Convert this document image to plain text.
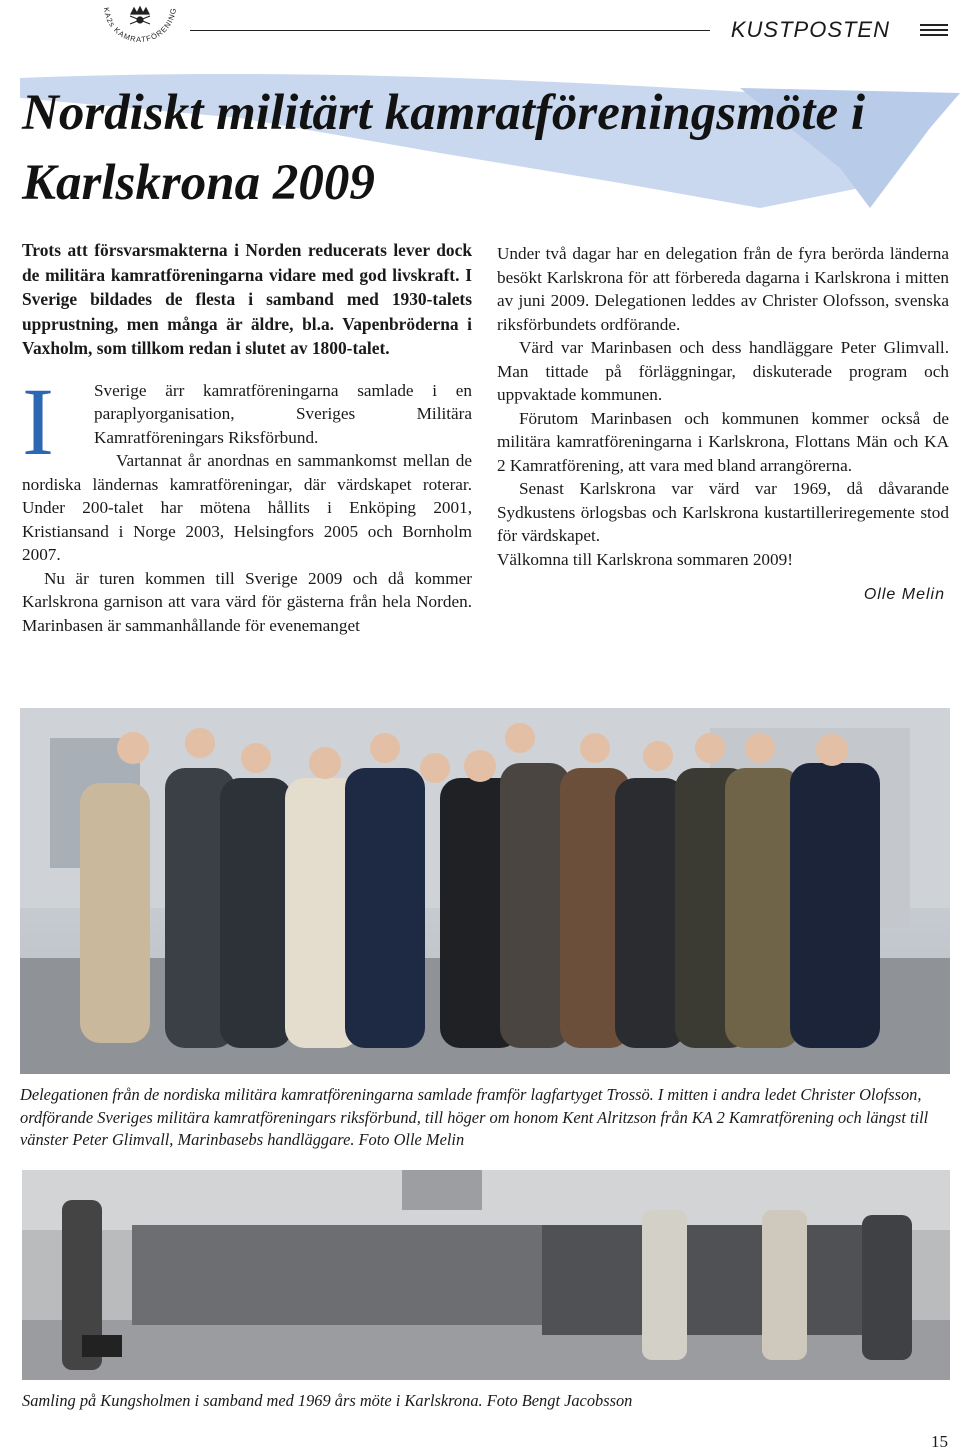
KA2s KAMRATFÖRENING
KUSTPOSTEN
Nordiskt militärt kamratföreningsmöte i Karlskrona 2009

Trots att försvarsmakterna i Norden reducerats lever dock de militära kamratföreningarna vidare med god livskraft. I Sverige bildades de flesta i samband med 1930-talets upprustning, men många är äldre, bl.a. Vapenbröderna i Vaxholm, som tillkom redan i slutet av 1800-talet.

I	Sverige ärr kamratföreningarna samlade i en paraplyorganisation, Sveriges Militära Kamratföreningars Riksförbund.

Vartannat år anordnas en sammankomst mellan de nordiska ländernas kamratföreningar, där värdskapet roterar. Under 200-talet har mötena hållits i Enköping 2001, Kristiansand i Norge 2003, Helsingfors 2005 och Bornholm 2007.

Nu är turen kommen till Sverige 2009 och då kommer Karlskrona garnison att vara värd för gästerna från hela Norden. Marinbasen är sammanhållande för evenemanget

Under två dagar har en delegation från de fyra berörda länderna besökt Karlskrona för att förbereda dagarna i Karlskrona i mitten av juni 2009. Delegationen leddes av Christer Olofsson, svenska riksförbundets ordförande.

Värd var Marinbasen och dess handläggare Peter Glimvall. Man tittade på förläggningar, diskuterade program och uppvaktade kommunen.

Förutom Marinbasen och kommunen kommer också de militära kamratföreningarna i Karlskrona, Flottans Män och KA 2 Kamratförening, att vara med bland arrangörerna.

Senast Karlskrona var värd var 1969, då dåvarande Sydkustens örlogsbas och Karlskrona kustartilleriregemente stod för värdskapet.

Välkomna till Karlskrona sommaren 2009!

Olle Melin

Delegationen från de nordiska militära kamratföreningarna samlade framför lagfartyget Trossö. I mitten i andra ledet Christer Olofsson, ordförande Sveriges militära kamratföreningars riksförbund, till höger om honom Kent Alritzson från KA 2 Kamratförening och längst till vänster Peter Glimvall, Marinbasebs handläggare. Foto Olle Melin

Samling på Kungsholmen i samband med 1969 års möte i Karlskrona. Foto Bengt Jacobsson

15
